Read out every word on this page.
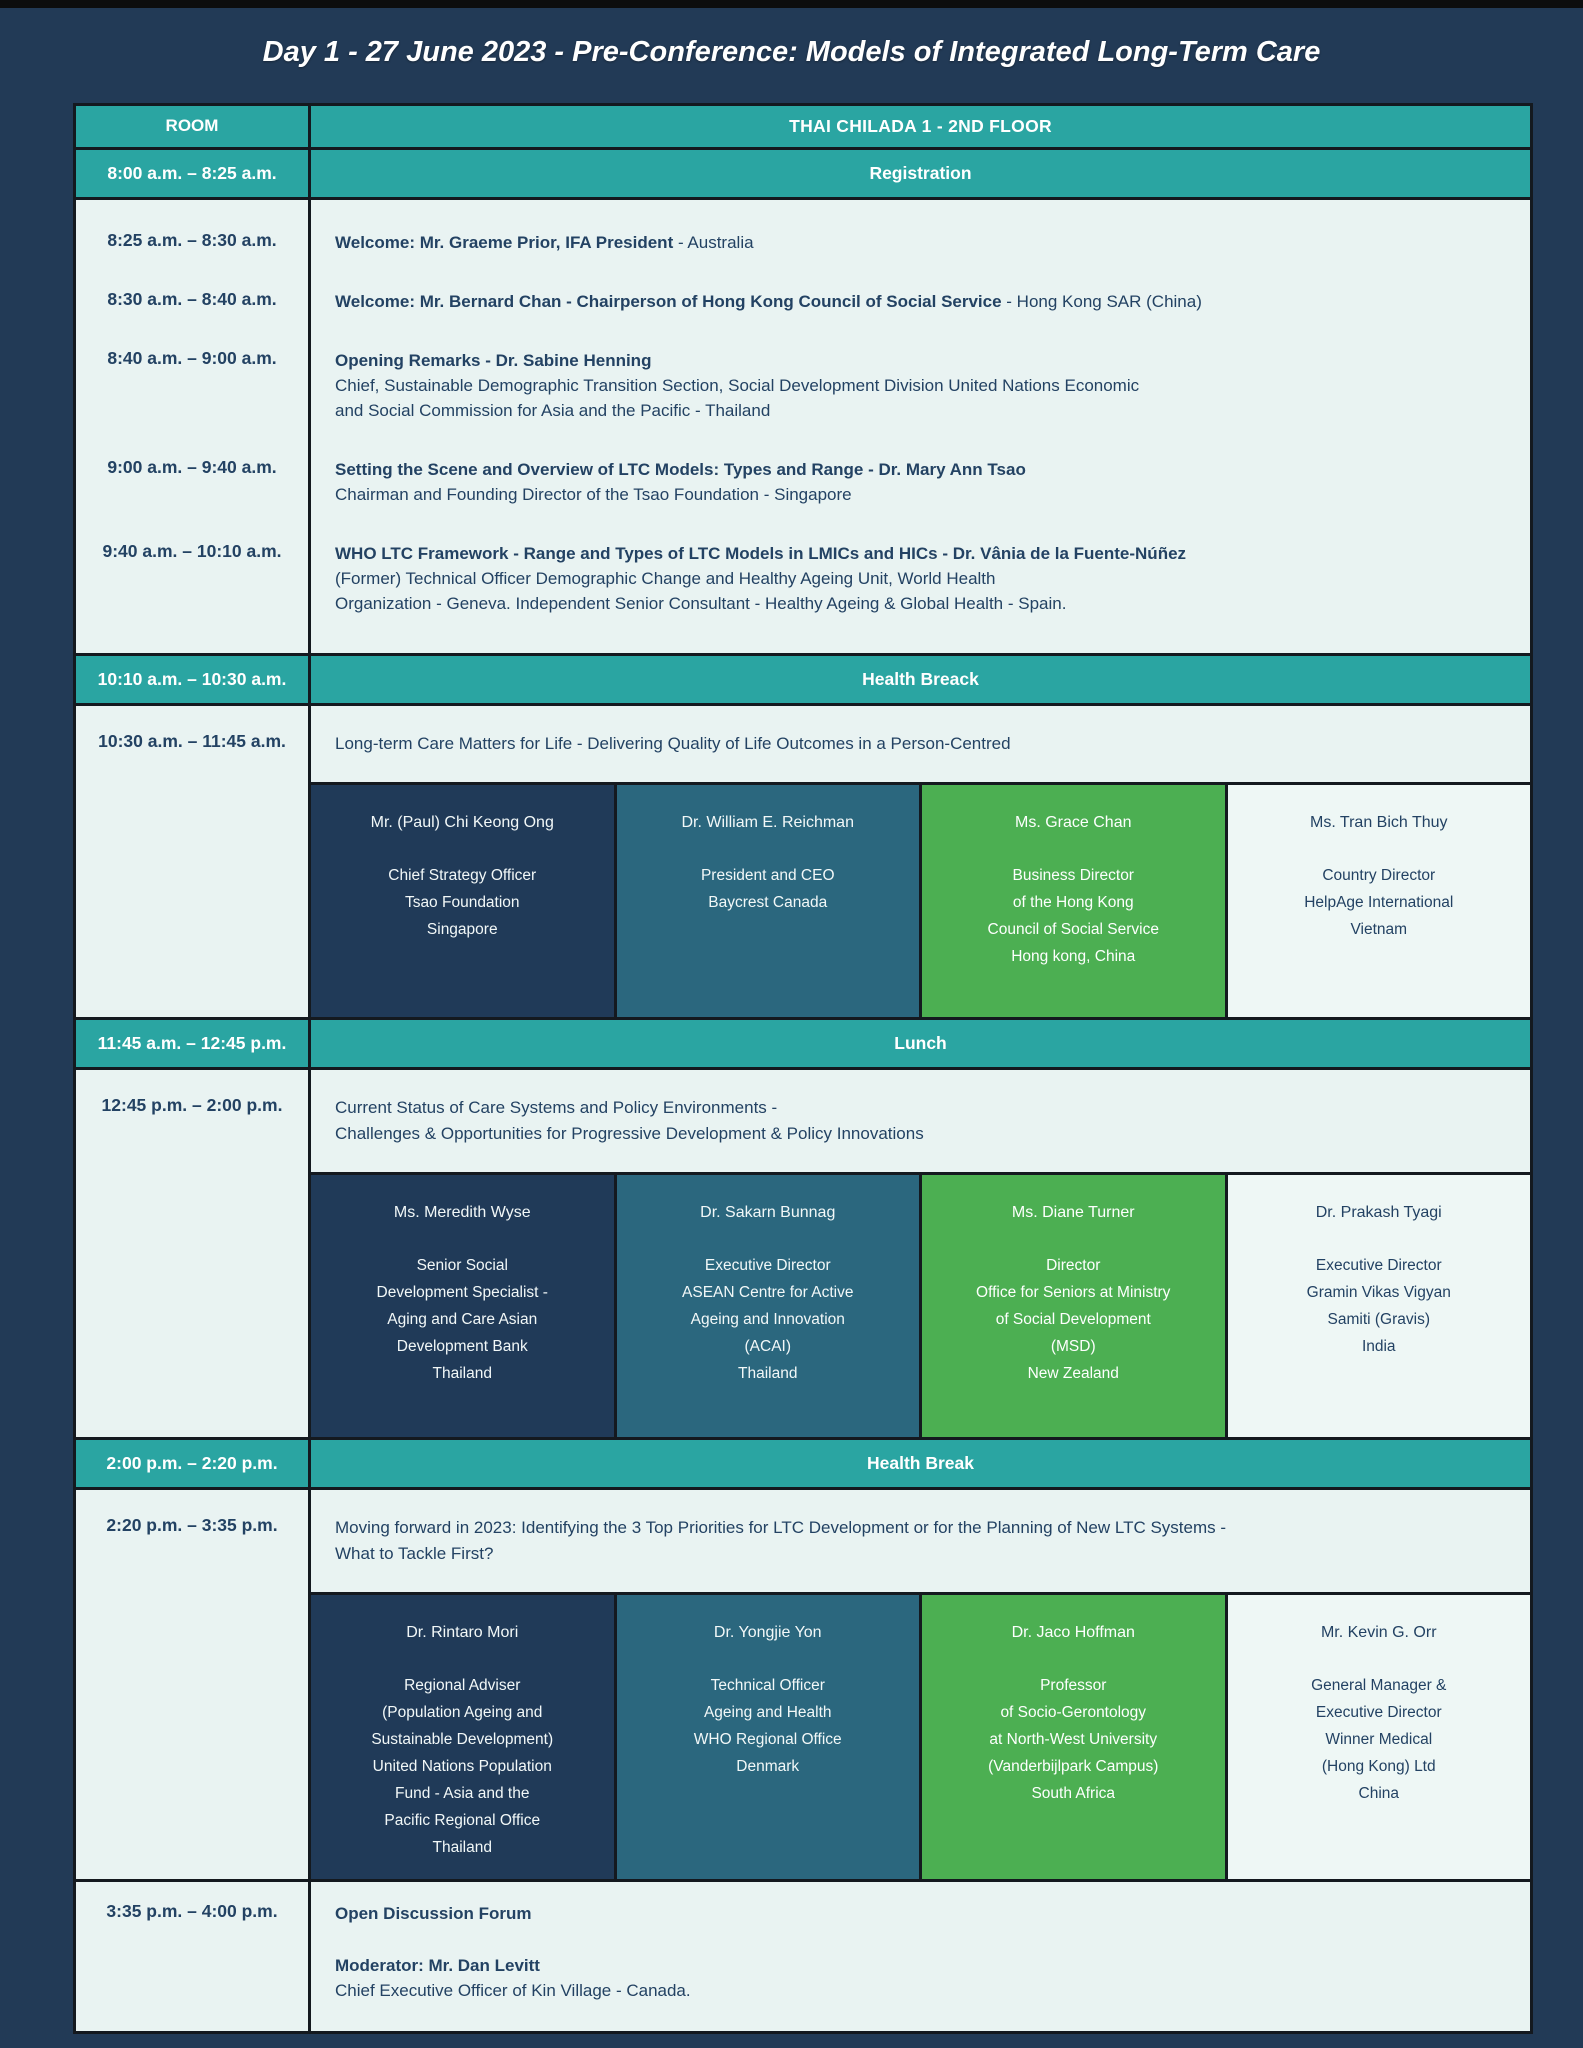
Day 1 - 27 June 2023 - Pre-Conference: Models of Integrated Long-Term Care
ROOM	THAI CHILADA 1 - 2ND FLOOR
8:00 a.m. – 8:25 a.m.	Registration
8:25 a.m. – 8:30 a.m.	Welcome: Mr. Graeme Prior, IFA President - Australia
8:30 a.m. – 8:40 a.m.	Welcome: Mr. Bernard Chan - Chairperson of Hong Kong Council of Social Service - Hong Kong SAR (China)
8:40 a.m. – 9:00 a.m.	Opening Remarks - Dr. Sabine Henning
Chief, Sustainable Demographic Transition Section, Social Development Division United Nations Economic
and Social Commission for Asia and the Pacific - Thailand
9:00 a.m. – 9:40 a.m.	Setting the Scene and Overview of LTC Models: Types and Range - Dr. Mary Ann Tsao
Chairman and Founding Director of the Tsao Foundation - Singapore
9:40 a.m. – 10:10 a.m.	WHO LTC Framework - Range and Types of LTC Models in LMICs and HICs - Dr. Vânia de la Fuente-Núñez
(Former) Technical Officer Demographic Change and Healthy Ageing Unit, World Health
Organization - Geneva. Independent Senior Consultant - Healthy Ageing & Global Health - Spain.
10:10 a.m. – 10:30 a.m.	Health Breack
10:30 a.m. – 11:45 a.m.	Long-term Care Matters for Life - Delivering Quality of Life Outcomes in a Person-Centred
Mr. (Paul) Chi Keong Ong
Chief Strategy Officer
Tsao Foundation
Singapore
Dr. William E. Reichman
President and CEO
Baycrest Canada
Ms. Grace Chan
Business Director
of the Hong Kong
Council of Social Service
Hong kong, China
Ms. Tran Bich Thuy
Country Director
HelpAge International
Vietnam
11:45 a.m. – 12:45 p.m.	Lunch
12:45 p.m. – 2:00 p.m.	Current Status of Care Systems and Policy Environments -
Challenges & Opportunities for Progressive Development & Policy Innovations
Ms. Meredith Wyse
Senior Social
Development Specialist -
Aging and Care Asian
Development Bank
Thailand
Dr. Sakarn Bunnag
Executive Director
ASEAN Centre for Active
Ageing and Innovation
(ACAI)
Thailand
Ms. Diane Turner
Director
Office for Seniors at Ministry
of Social Development
(MSD)
New Zealand
Dr. Prakash Tyagi
Executive Director
Gramin Vikas Vigyan
Samiti (Gravis)
India
2:00 p.m. – 2:20 p.m.	Health Break
2:20 p.m. – 3:35 p.m.	Moving forward in 2023: Identifying the 3 Top Priorities for LTC Development or for the Planning of New LTC Systems -
What to Tackle First?
Dr. Rintaro Mori
Regional Adviser
(Population Ageing and
Sustainable Development)
United Nations Population
Fund - Asia and the
Pacific Regional Office
Thailand
Dr. Yongjie Yon
Technical Officer
Ageing and Health
WHO Regional Office
Denmark
Dr. Jaco Hoffman
Professor
of Socio-Gerontology
at North-West University
(Vanderbijlpark Campus)
South Africa
Mr. Kevin G. Orr
General Manager &
Executive Director
Winner Medical
(Hong Kong) Ltd
China
3:35 p.m. – 4:00 p.m.	Open Discussion Forum
Moderator: Mr. Dan Levitt
Chief Executive Officer of Kin Village - Canada.
